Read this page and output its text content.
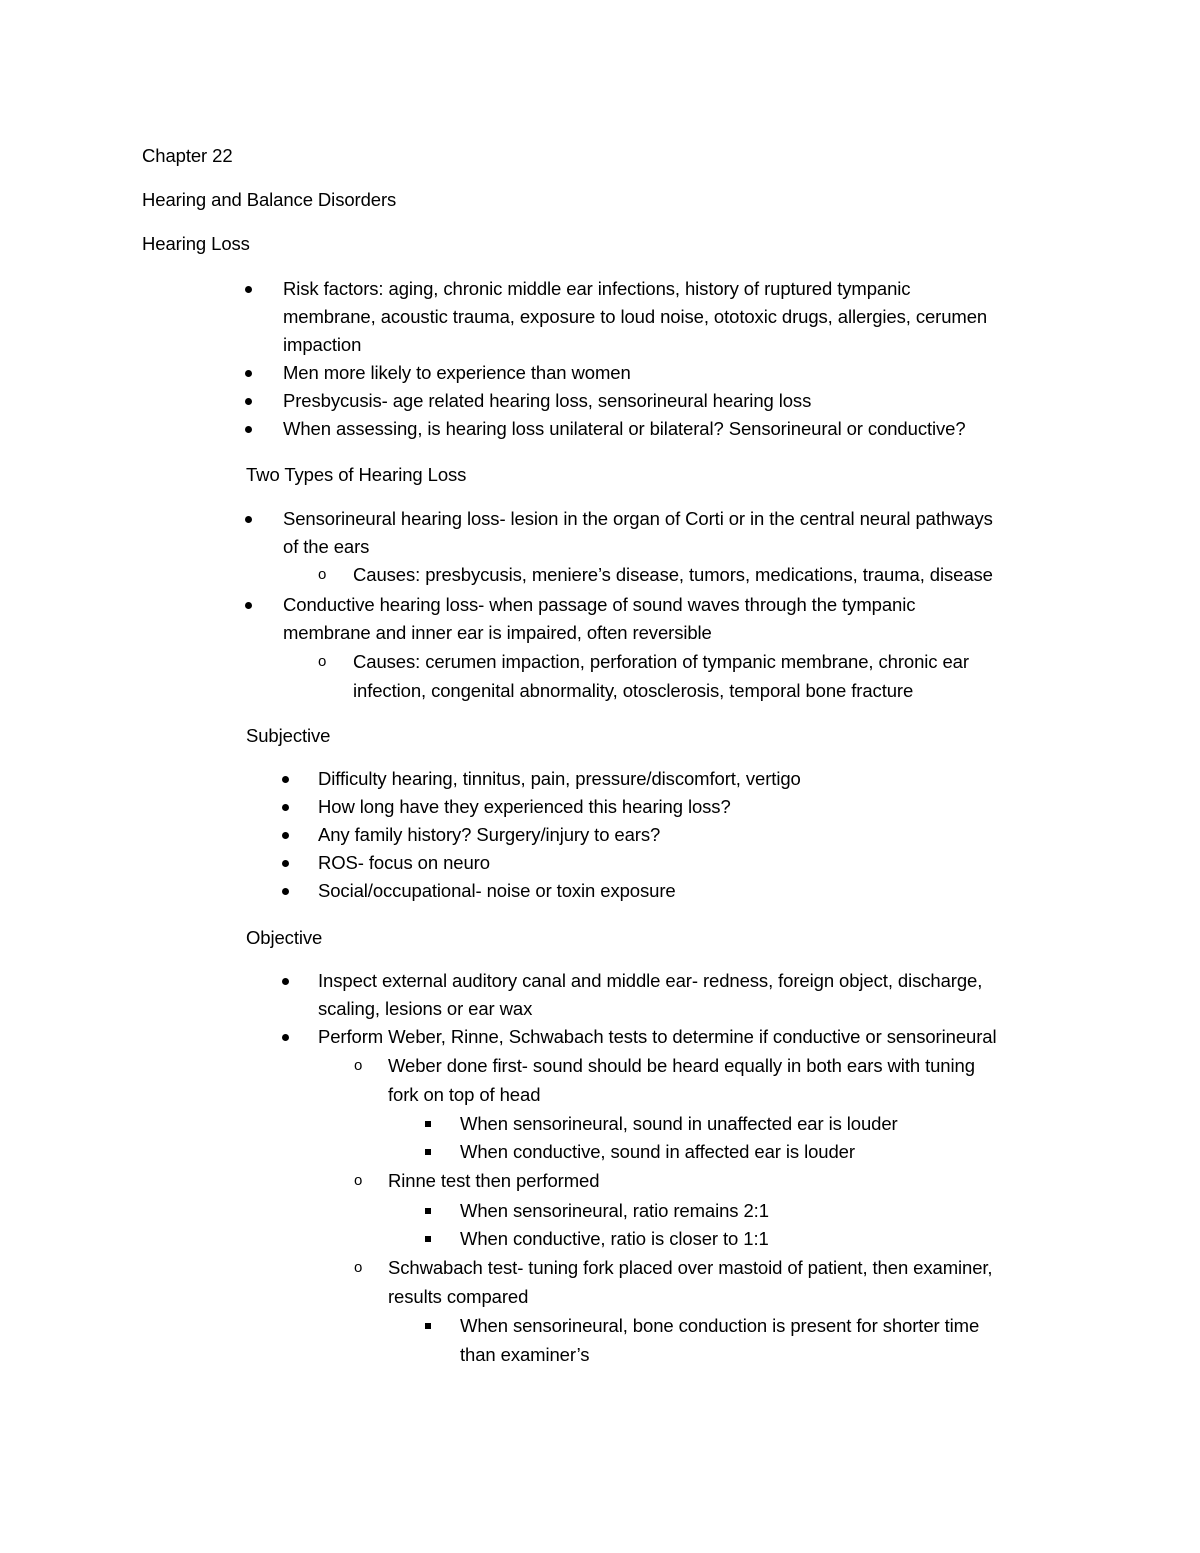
Chapter 22
Hearing and Balance Disorders
Hearing Loss
Risk factors: aging, chronic middle ear infections, history of ruptured tympanic
membrane, acoustic trauma, exposure to loud noise, ototoxic drugs, allergies, cerumen
impaction
Men more likely to experience than women
Presbycusis- age related hearing loss, sensorineural hearing loss
When assessing, is hearing loss unilateral or bilateral? Sensorineural or conductive?
Two Types of Hearing Loss
Sensorineural hearing loss- lesion in the organ of Corti or in the central neural pathways
of the ears
o Causes: presbycusis, meniere’s disease, tumors, medications, trauma, disease
Conductive hearing loss- when passage of sound waves through the tympanic
membrane and inner ear is impaired, often reversible
o Causes: cerumen impaction, perforation of tympanic membrane, chronic ear
infection, congenital abnormality, otosclerosis, temporal bone fracture
Subjective
Difficulty hearing, tinnitus, pain, pressure/discomfort, vertigo
How long have they experienced this hearing loss?
Any family history? Surgery/injury to ears?
ROS- focus on neuro
Social/occupational- noise or toxin exposure
Objective
Inspect external auditory canal and middle ear- redness, foreign object, discharge,
scaling, lesions or ear wax
Perform Weber, Rinne, Schwabach tests to determine if conductive or sensorineural
o Weber done first- sound should be heard equally in both ears with tuning
fork on top of head
When sensorineural, sound in unaffected ear is louder
When conductive, sound in affected ear is louder
o Rinne test then performed
When sensorineural, ratio remains 2:1
When conductive, ratio is closer to 1:1
o Schwabach test- tuning fork placed over mastoid of patient, then examiner,
results compared
When sensorineural, bone conduction is present for shorter time
than examiner’s
